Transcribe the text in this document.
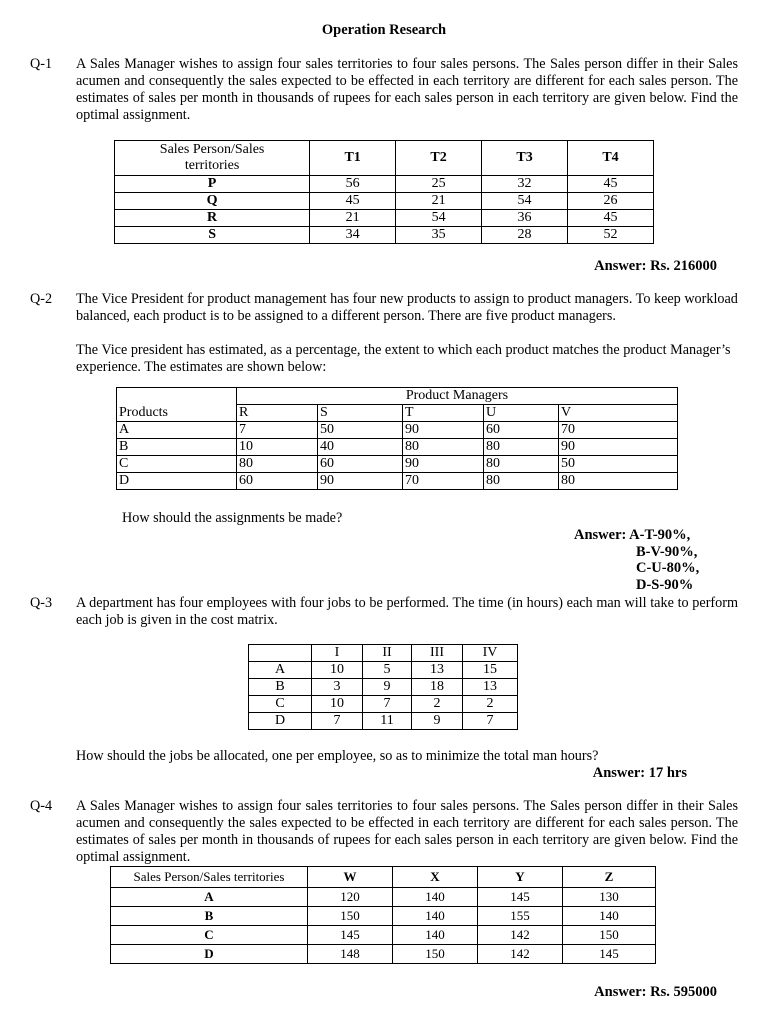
Operation Research
Q-1 A Sales Manager wishes to assign four sales territories to four sales persons. The Sales person differ in their Sales acumen and consequently the sales expected to be effected in each territory are different for each sales person. The estimates of sales per month in thousands of rupees for each sales person in each territory are given below. Find the optimal assignment.
Sales Person/Sales
territories	T1	T2	T3	T4
P	56	25	32	45
Q	45	21	54	26
R	21	54	36	45
S	34	35	28	52
Answer: Rs. 216000
Q-2 The Vice President for product management has four new products to assign to product managers. To keep workload balanced, each product is to be assigned to a different person. There are five product managers.
The Vice president has estimated, as a percentage, the extent to which each product matches the product Manager’s experience. The estimates are shown below:
	Product Managers				
Products	R	S	T	U	V
A	7	50	90	60	70
B	10	40	80	80	90
C	80	60	90	80	50
D	60	90	70	80	80
How should the assignments be made?
Answer: A-T-90%,
B-V-90%,
C-U-80%,
D-S-90%
Q-3 A department has four employees with four jobs to be performed. The time (in hours) each man will take to perform each job is given in the cost matrix.
	I	II	III	IV
A	10	5	13	15
B	3	9	18	13
C	10	7	2	2
D	7	11	9	7
How should the jobs be allocated, one per employee, so as to minimize the total man hours?
Answer: 17 hrs
Q-4 A Sales Manager wishes to assign four sales territories to four sales persons. The Sales person differ in their Sales acumen and consequently the sales expected to be effected in each territory are different for each sales person. The estimates of sales per month in thousands of rupees for each sales person in each territory are given below. Find the optimal assignment.
Sales Person/Sales territories	W	X	Y	Z
A	120	140	145	130
B	150	140	155	140
C	145	140	142	150
D	148	150	142	145
Answer: Rs. 595000
